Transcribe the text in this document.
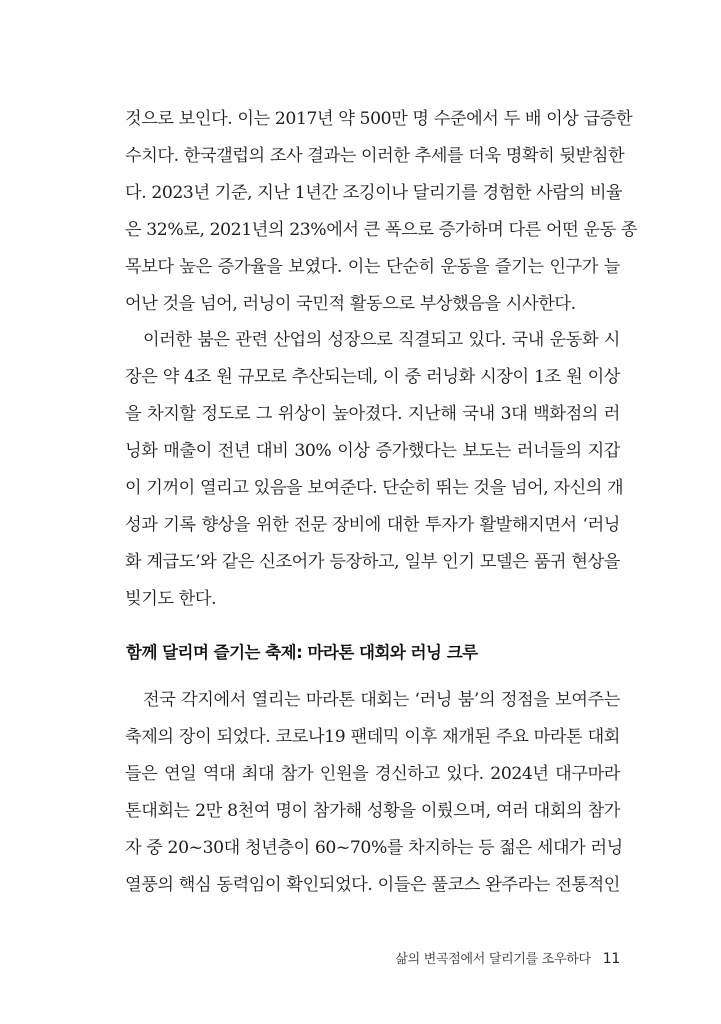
것으로 보인다. 이는 2017년 약 500만 명 수준에서 두 배 이상 급증한
수치다. 한국갤럽의 조사 결과는 이러한 추세를 더욱 명확히 뒷받침한
다. 2023년 기준, 지난 1년간 조깅이나 달리기를 경험한 사람의 비율
은 32%로, 2021년의 23%에서 큰 폭으로 증가하며 다른 어떤 운동 종
목보다 높은 증가율을 보였다. 이는 단순히 운동을 즐기는 인구가 늘
어난 것을 넘어, 러닝이 국민적 활동으로 부상했음을 시사한다.
이러한 붐은 관련 산업의 성장으로 직결되고 있다. 국내 운동화 시
장은 약 4조 원 규모로 추산되는데, 이 중 러닝화 시장이 1조 원 이상
을 차지할 정도로 그 위상이 높아졌다. 지난해 국내 3대 백화점의 러
닝화 매출이 전년 대비 30% 이상 증가했다는 보도는 러너들의 지갑
이 기꺼이 열리고 있음을 보여준다. 단순히 뛰는 것을 넘어, 자신의 개
성과 기록 향상을 위한 전문 장비에 대한 투자가 활발해지면서 ‘러닝
화 계급도’와 같은 신조어가 등장하고, 일부 인기 모델은 품귀 현상을
빚기도 한다.
함께 달리며 즐기는 축제: 마라톤 대회와 러닝 크루
전국 각지에서 열리는 마라톤 대회는 ‘러닝 붐’의 정점을 보여주는
축제의 장이 되었다. 코로나19 팬데믹 이후 재개된 주요 마라톤 대회
들은 연일 역대 최대 참가 인원을 경신하고 있다. 2024년 대구마라
톤대회는 2만 8천여 명이 참가해 성황을 이뤘으며, 여러 대회의 참가
자 중 20~30대 청년층이 60~70%를 차지하는 등 젊은 세대가 러닝
열풍의 핵심 동력임이 확인되었다. 이들은 풀코스 완주라는 전통적인
삶의 변곡점에서 달리기를 조우하다 11
